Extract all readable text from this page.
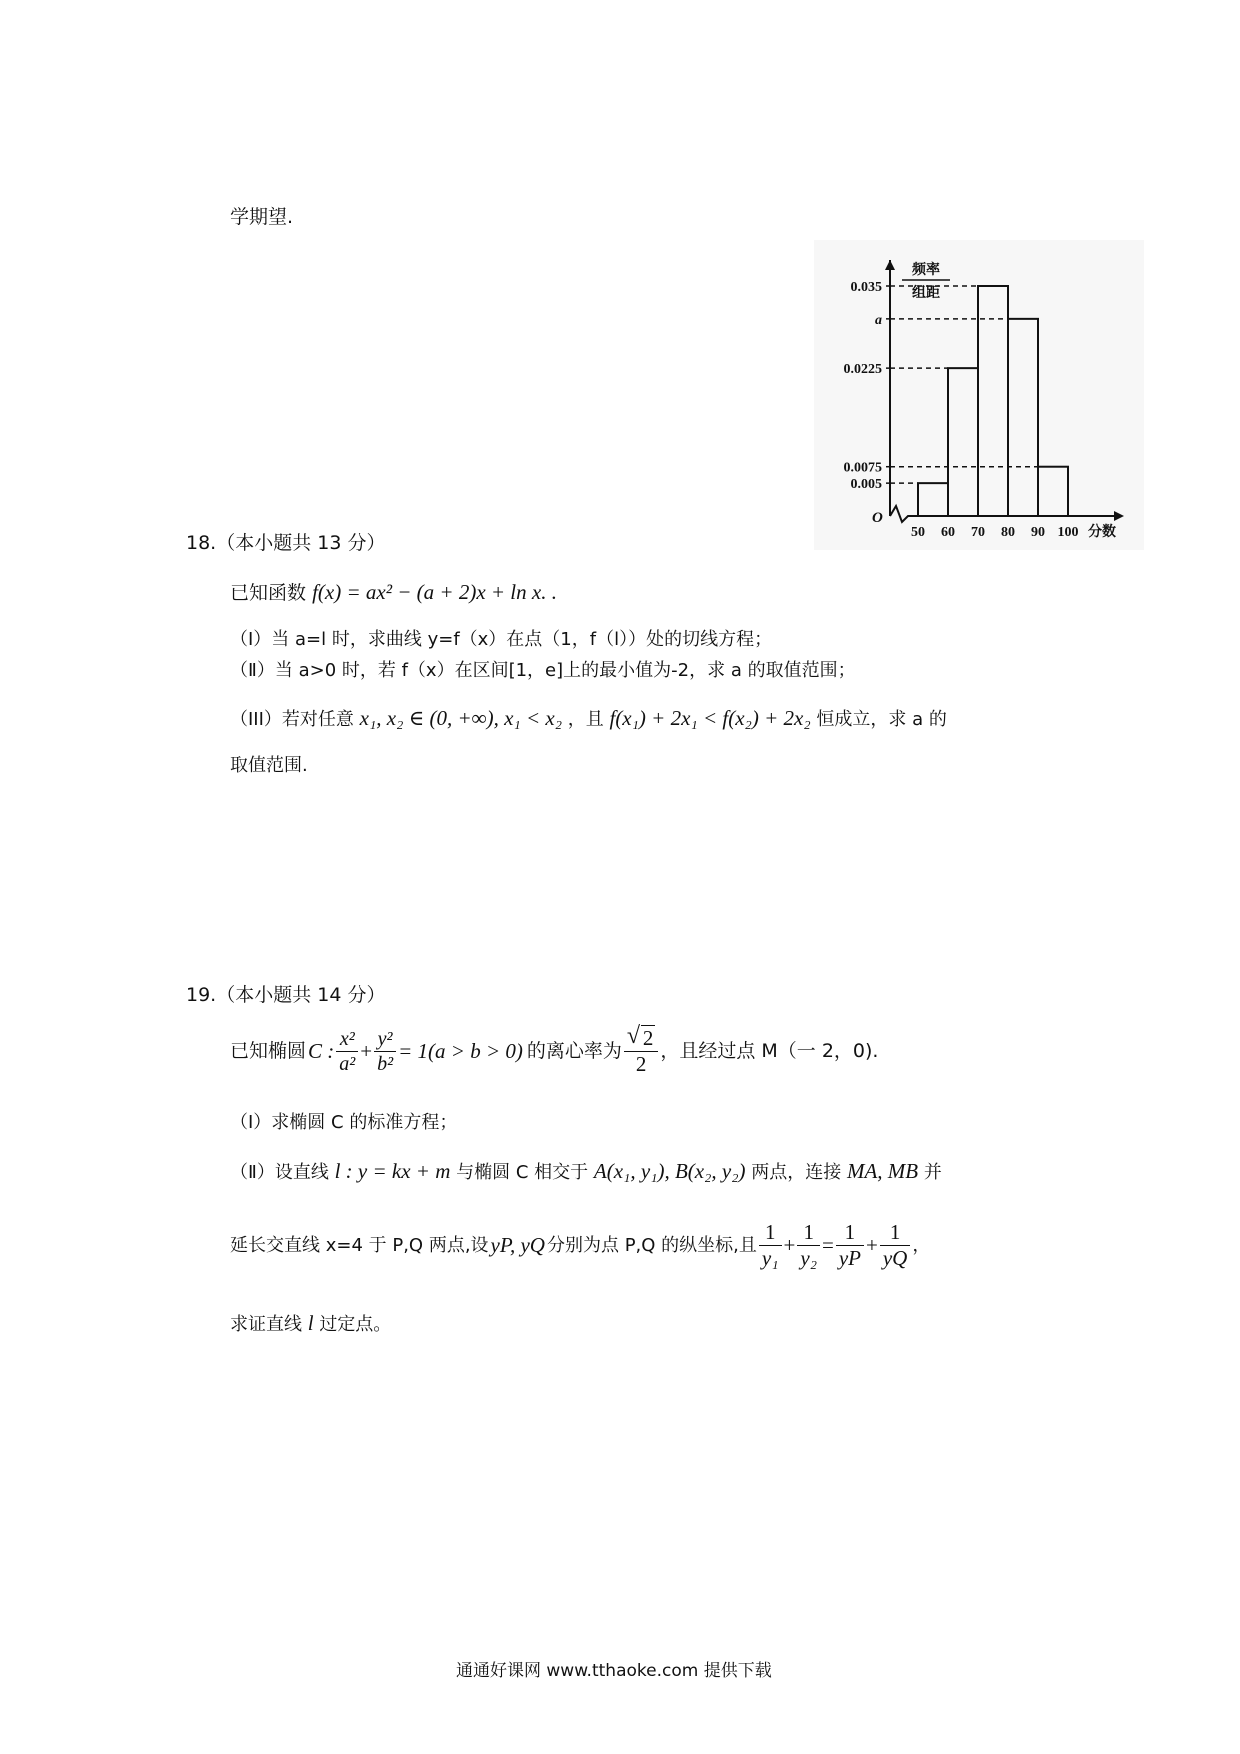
学期望.
频率
组距
0.035
a
0.0225
0.0075
0.005
50 60 70 80 90 100 分数
O
18.（本小题共 13 分）
已知函数 f(x) = ax² − (a + 2)x + ln x. .
（I）当 a=l 时，求曲线 y=f（x）在点（1，f（l））处的切线方程；
（Ⅱ）当 a>0 时，若 f（x）在区间[1，e]上的最小值为-2，求 a 的取值范围；
（III）若对任意 x₁, x₂ ∈ (0, +∞), x₁ < x₂ ，且 f(x₁) + 2x₁ < f(x₂) + 2x₂ 恒成立，求 a 的
取值范围.
19.（本小题共 14 分）
已知椭圆 C : $\frac{\text{x²}}{\text{a²}} + \frac{\text{y²}}{\text{b²}} = 1(a > b > 0)$ 的离心率为
√ $\frac{2}{2}$ ，且经过点 M（一 2，0).
（I）求椭圆 C 的标准方程；
（Ⅱ）设直线 l : y = kx + m 与椭圆 C 相交于 A(x₁, y₁), B(x₂, y₂) 两点，连接 MA, MB 并
延长交直线 x=4 于 P,Q 两点,设 yP, yQ 分别为点 P,Q 的纵坐标,且 $\frac{1}{\text{y₁}} + \frac{1}{\text{y₂}} = \frac{1}{yP} + \frac{1}{yQ}$ ，
求证直线 l 过定点。
通通好课网 www.tthaoke.com 提供下载
